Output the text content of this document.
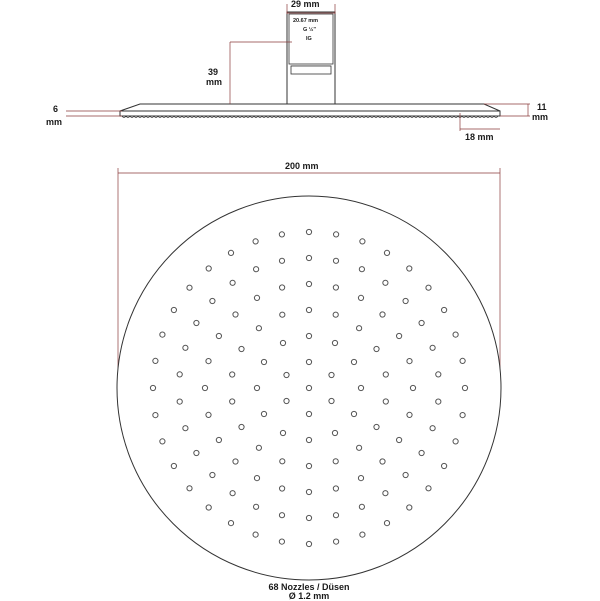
29 mm
20.67 mm
G ½"
IG
39
mm
6
mm
11
mm
18 mm
200 mm
68 Nozzles / Düsen
Ø 1.2 mm
